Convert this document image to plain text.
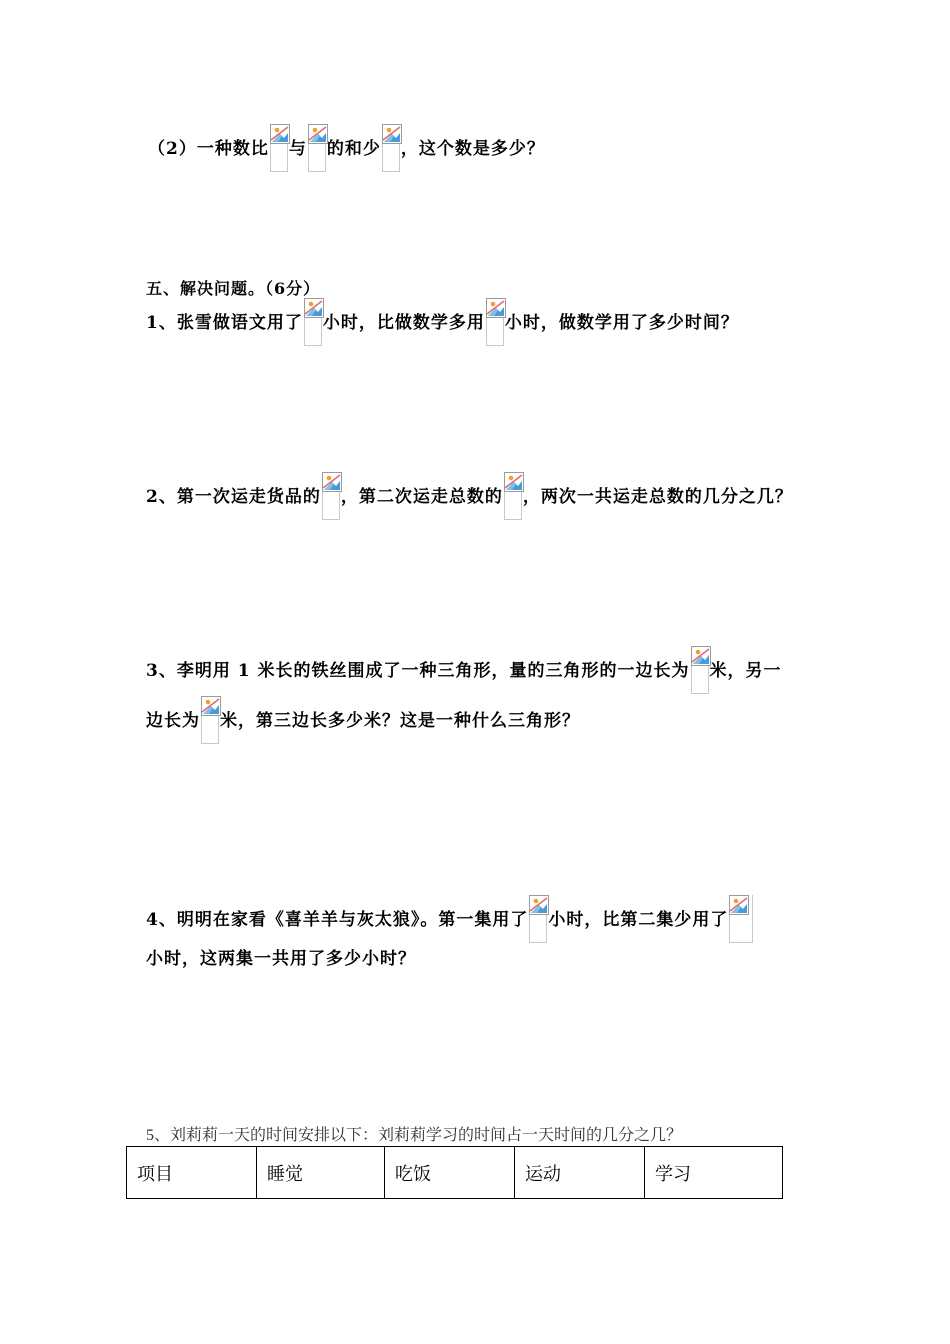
（2）一种数比 与 的和少 ，这个数是多少？
五、解决问题。（6分）
1、张雪做语文用了 小时，比做数学多用 小时，做数学用了多少时间？
2、第一次运走货品的 ，第二次运走总数的 ，两次一共运走总数的几分之几？
3、李明用 1 米长的铁丝围成了一种三角形，量的三角形的一边长为 米，另一
边长为 米，第三边长多少米？这是一种什么三角形？
4、明明在家看《喜羊羊与灰太狼》。第一集用了 小时，比第二集少用了
小时，这两集一共用了多少小时？
5、刘莉莉一天的时间安排以下：刘莉莉学习的时间占一天时间的几分之几？
项目	睡觉	吃饭	运动	学习
